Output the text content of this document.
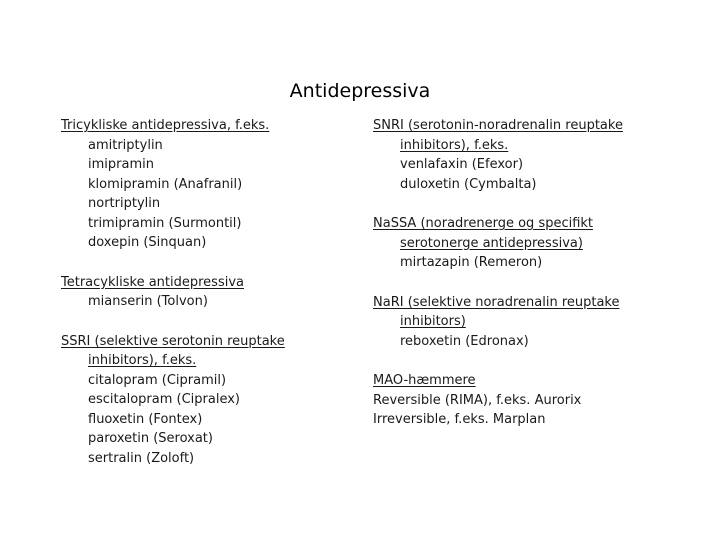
Antidepressiva
Tricykliske antidepressiva, f.eks.
amitriptylin
imipramin
klomipramin (Anafranil)
nortriptylin
trimipramin (Surmontil)
doxepin (Sinquan)
Tetracykliske antidepressiva
mianserin (Tolvon)
SSRI (selektive serotonin reuptake
inhibitors), f.eks.
citalopram (Cipramil)
escitalopram (Cipralex)
fluoxetin (Fontex)
paroxetin (Seroxat)
sertralin (Zoloft)
SNRI (serotonin-noradrenalin reuptake
inhibitors), f.eks.
venlafaxin (Efexor)
duloxetin (Cymbalta)
NaSSA (noradrenerge og specifikt
serotonerge antidepressiva)
mirtazapin (Remeron)
NaRI (selektive noradrenalin reuptake
inhibitors)
reboxetin (Edronax)
MAO-hæmmere
Reversible (RIMA), f.eks. Aurorix
Irreversible, f.eks. Marplan
